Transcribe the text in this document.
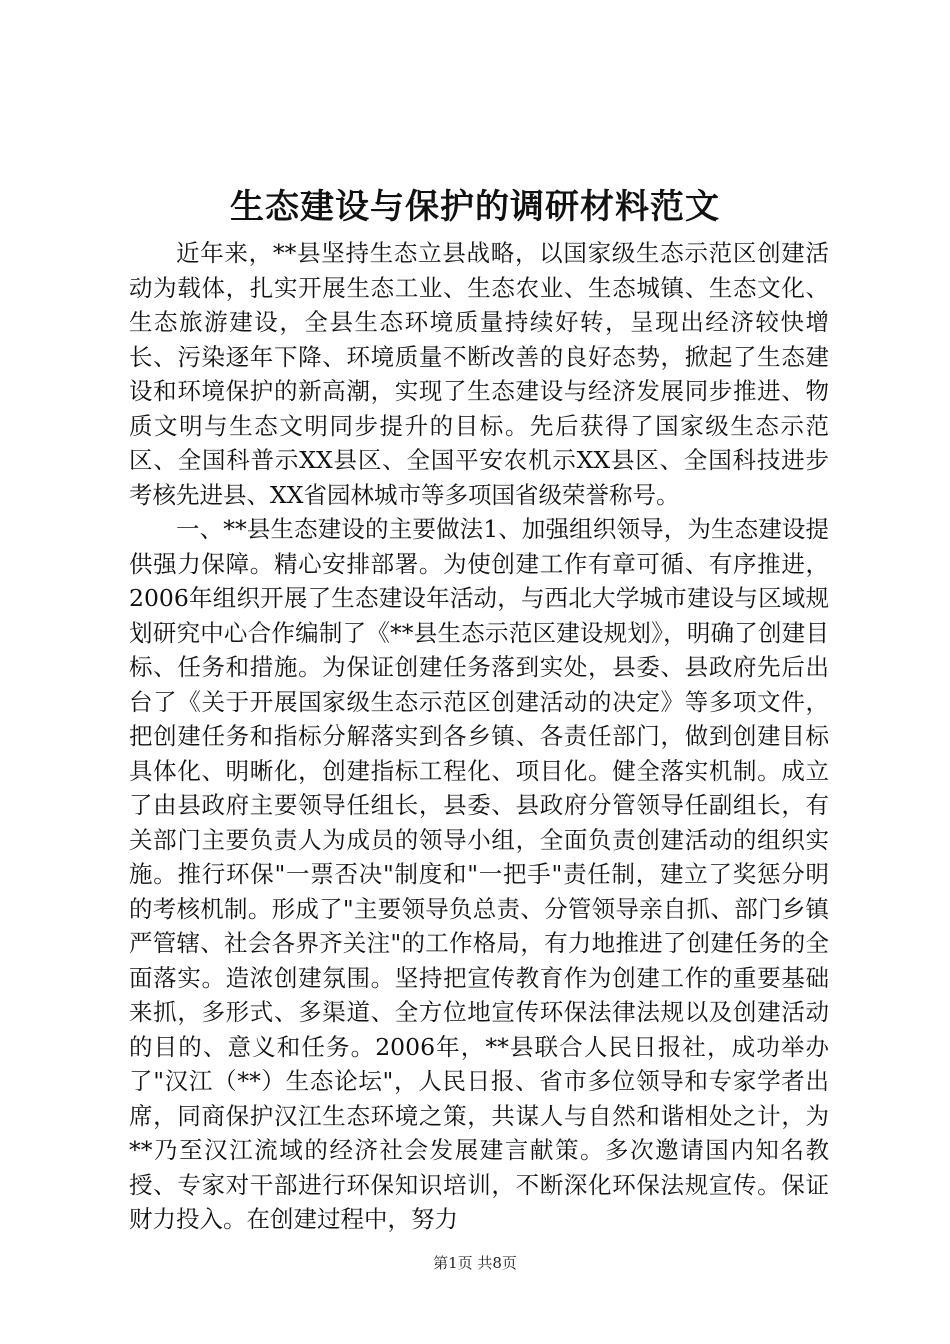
生态建设与保护的调研材料范文

近年来，**县坚持生态立县战略，以国家级生态示范区创建活动为载体，扎实开展生态工业、生态农业、生态城镇、生态文化、生态旅游建设，全县生态环境质量持续好转，呈现出经济较快增长、污染逐年下降、环境质量不断改善的良好态势，掀起了生态建设和环境保护的新高潮，实现了生态建设与经济发展同步推进、物质文明与生态文明同步提升的目标。先后获得了国家级生态示范区、全国科普示XX县区、全国平安农机示XX县区、全国科技进步考核先进县、XX省园林城市等多项国省级荣誉称号。

一、**县生态建设的主要做法1、加强组织领导，为生态建设提供强力保障。精心安排部署。为使创建工作有章可循、有序推进，2006年组织开展了生态建设年活动，与西北大学城市建设与区域规划研究中心合作编制了《**县生态示范区建设规划》，明确了创建目标、任务和措施。为保证创建任务落到实处，县委、县政府先后出台了《关于开展国家级生态示范区创建活动的决定》等多项文件，把创建任务和指标分解落实到各乡镇、各责任部门，做到创建目标具体化、明晰化，创建指标工程化、项目化。健全落实机制。成立了由县政府主要领导任组长，县委、县政府分管领导任副组长，有关部门主要负责人为成员的领导小组，全面负责创建活动的组织实施。推行环保"一票否决"制度和"一把手"责任制，建立了奖惩分明的考核机制。形成了"主要领导负总责、分管领导亲自抓、部门乡镇严管辖、社会各界齐关注"的工作格局，有力地推进了创建任务的全面落实。造浓创建氛围。坚持把宣传教育作为创建工作的重要基础来抓，多形式、多渠道、全方位地宣传环保法律法规以及创建活动的目的、意义和任务。2006年，**县联合人民日报社，成功举办了"汉江（**）生态论坛"，人民日报、省市多位领导和专家学者出席，同商保护汉江生态环境之策，共谋人与自然和谐相处之计，为**乃至汉江流域的经济社会发展建言献策。多次邀请国内知名教授、专家对干部进行环保知识培训，不断深化环保法规宣传。保证财力投入。在创建过程中，努力

第1页 共8页
